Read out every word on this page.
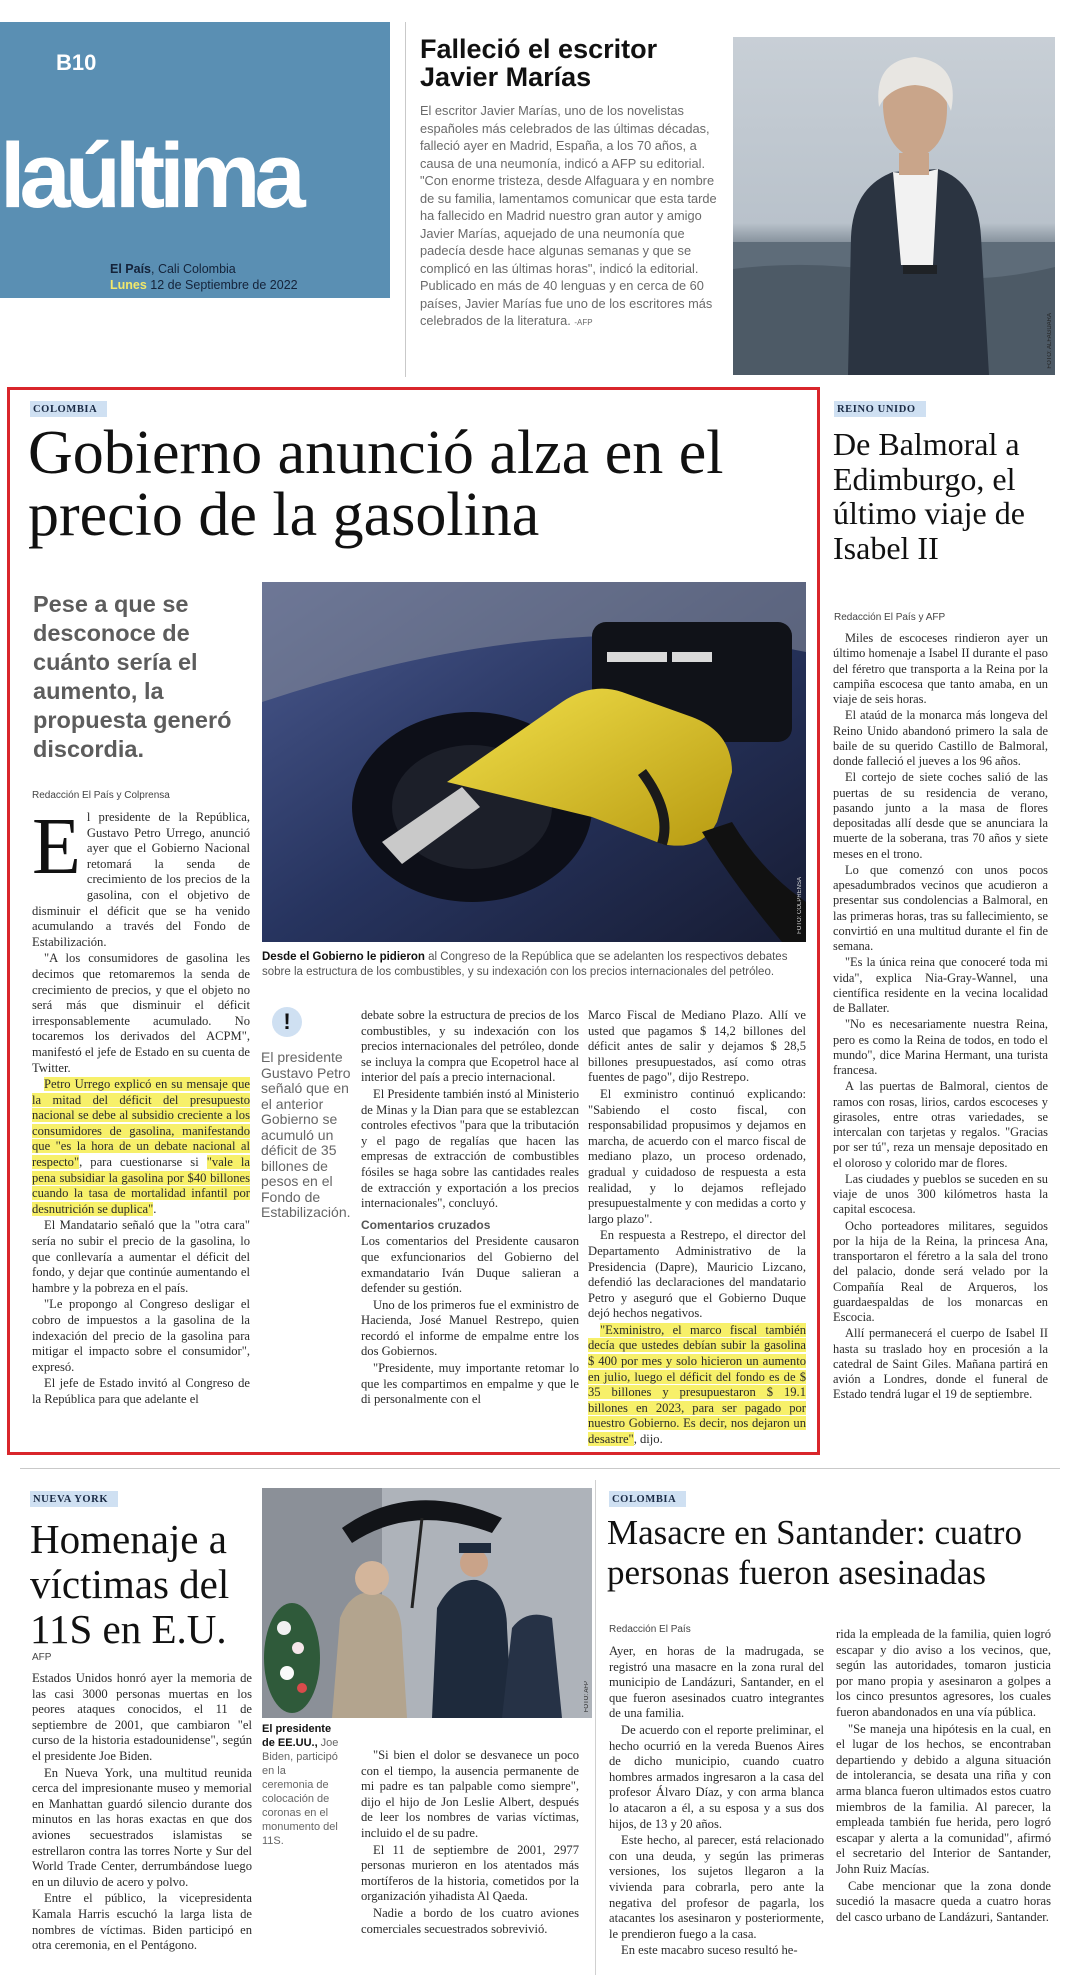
B10
laúltima
El País, Cali Colombia
Lunes 12 de Septiembre de 2022
Falleció el escritor Javier Marías

El escritor Javier Marías, uno de los novelistas españoles más celebrados de las últimas décadas, falleció ayer en Madrid, España, a los 70 años, a causa de una neumonía, indicó a AFP su editorial.

"Con enorme tristeza, desde Alfaguara y en nombre de su familia, lamentamos comunicar que esta tarde ha fallecido en Madrid nuestro gran autor y amigo Javier Marías, aquejado de una neumonía que padecía desde hace algunas semanas y que se complicó en las últimas horas", indicó la editorial.

Publicado en más de 40 lenguas y en cerca de 60 países, Javier Marías fue uno de los escritores más celebrados de la literatura. -AFP	FOTO: ALFAGUARA
COLOMBIA
Gobierno anunció alza en el precio de la gasolina
Pese a que se desconoce de cuánto sería el aumento, la propuesta generó discordia.
Redacción El País y Colprensa
FOTO: COLPRENSA
Desde el Gobierno le pidieron al Congreso de la República que se adelanten los respectivos debates sobre la estructura de los combustibles, y su indexación con los precios internacionales del petróleo.
E l presidente de la República, Gustavo Petro Urrego, anunció ayer que el Gobierno Nacional retomará la senda de crecimiento de los precios de la gasolina, con el objetivo de disminuir el déficit que se ha venido acumulando a través del Fondo de Estabilización.

"A los consumidores de gasolina les decimos que retomaremos la senda de crecimiento de precios, y que el objeto no será más que disminuir el déficit irresponsablemente acumulado. No tocaremos los derivados del ACPM", manifestó el jefe de Estado en su cuenta de Twitter.

Petro Urrego explicó en su mensaje que la mitad del déficit del presupuesto nacional se debe al subsidio creciente a los consumidores de gasolina, manifestando que "es la hora de un debate nacional al respecto", para cuestionarse si "vale la pena subsidiar la gasolina por $40 billones cuando la tasa de mortalidad infantil por desnutrición se duplica".

El Mandatario señaló que la "otra cara" sería no subir el precio de la gasolina, lo que conllevaría a aumentar el déficit del fondo, y dejar que continúe aumentando el hambre y la pobreza en el país.

"Le propongo al Congreso desligar el cobro de impuestos a la gasolina de la indexación del precio de la gasolina para mitigar el impacto sobre el consumidor", expresó.

El jefe de Estado invitó al Congreso de la República para que adelante el

!
El presidente Gustavo Petro señaló que en el anterior Gobierno se acumuló un déficit de 35 billones de pesos en el Fondo de Estabilización.

debate sobre la estructura de precios de los combustibles, y su indexación con los precios internacionales del petróleo, donde se incluya la compra que Ecopetrol hace al interior del país a precio internacional.

El Presidente también instó al Ministerio de Minas y la Dian para que se establezcan controles efectivos "para que la tributación y el pago de regalías que hacen las empresas de extracción de combustibles fósiles se haga sobre las cantidades reales de extracción y exportación a los precios internacionales", concluyó.

Comentarios cruzados

Los comentarios del Presidente causaron que exfuncionarios del Gobierno del exmandatario Iván Duque salieran a defender su gestión.

Uno de los primeros fue el exministro de Hacienda, José Manuel Restrepo, quien recordó el informe de empalme entre los dos Gobiernos.

"Presidente, muy importante retomar lo que les compartimos en empalme y que le di personalmente con el

Marco Fiscal de Mediano Plazo. Allí ve usted que pagamos $ 14,2 billones del déficit antes de salir y dejamos $ 28,5 billones presupuestados, así como otras fuentes de pago", dijo Restrepo.

El exministro continuó explicando: "Sabiendo el costo fiscal, con responsabilidad propusimos y dejamos en marcha, de acuerdo con el marco fiscal de mediano plazo, un proceso ordenado, gradual y cuidadoso de respuesta a esta realidad, y lo dejamos reflejado presupuestalmente y con medidas a corto y largo plazo".

En respuesta a Restrepo, el director del Departamento Administrativo de la Presidencia (Dapre), Mauricio Lizcano, defendió las declaraciones del mandatario Petro y aseguró que el Gobierno Duque dejó hechos negativos.

"Exministro, el marco fiscal también decía que ustedes debían subir la gasolina $ 400 por mes y solo hicieron un aumento en julio, luego el déficit del fondo es de $ 35 billones y presupuestaron $ 19.1 billones en 2023, para ser pagado por nuestro Gobierno. Es decir, nos dejaron un desastre", dijo.

REINO UNIDO
De Balmoral a Edimburgo, el último viaje de Isabel II
Redacción El País y AFP

Miles de escoceses rindieron ayer un último homenaje a Isabel II durante el paso del féretro que transporta a la Reina por la campiña escocesa que tanto amaba, en un viaje de seis horas.

El ataúd de la monarca más longeva del Reino Unido abandonó primero la sala de baile de su querido Castillo de Balmoral, donde falleció el jueves a los 96 años.

El cortejo de siete coches salió de las puertas de su residencia de verano, pasando junto a la masa de flores depositadas allí desde que se anunciara la muerte de la soberana, tras 70 años y siete meses en el trono.

Lo que comenzó con unos pocos apesadumbrados vecinos que acudieron a presentar sus condolencias a Balmoral, en las primeras horas, tras su fallecimiento, se convirtió en una multitud durante el fin de semana.

"Es la única reina que conoceré toda mi vida", explica Nia-Gray-Wannel, una científica residente en la vecina localidad de Ballater.

"No es necesariamente nuestra Reina, pero es como la Reina de todos, en todo el mundo", dice Marina Hermant, una turista francesa.

A las puertas de Balmoral, cientos de ramos con rosas, lirios, cardos escoceses y girasoles, entre otras variedades, se intercalan con tarjetas y regalos. "Gracias por ser tú", reza un mensaje depositado en el oloroso y colorido mar de flores.

Las ciudades y pueblos se suceden en su viaje de unos 300 kilómetros hasta la capital escocesa.

Ocho porteadores militares, seguidos por la hija de la Reina, la princesa Ana, transportaron el féretro a la sala del trono del palacio, donde será velado por la Compañía Real de Arqueros, los guardaespaldas de los monarcas en Escocia.

Allí permanecerá el cuerpo de Isabel II hasta su traslado hoy en procesión a la catedral de Saint Giles. Mañana partirá en avión a Londres, donde el funeral de Estado tendrá lugar el 19 de septiembre.

NUEVA YORK
Homenaje a víctimas del 11S en E.U.
AFP

Estados Unidos honró ayer la memoria de las casi 3000 personas muertas en los peores ataques conocidos, el 11 de septiembre de 2001, que cambiaron "el curso de la historia estadounidense", según el presidente Joe Biden.

En Nueva York, una multitud reunida cerca del impresionante museo y memorial en Manhattan guardó silencio durante dos minutos en las horas exactas en que dos aviones secuestrados islamistas se estrellaron contra las torres Norte y Sur del World Trade Center, derrumbándose luego en un diluvio de acero y polvo.

Entre el público, la vicepresidenta Kamala Harris escuchó la larga lista de nombres de víctimas. Biden participó en otra ceremonia, en el Pentágono.

FOTO: AFP
El presidente de EE.UU., Joe Biden, participó en la ceremonia de colocación de coronas en el monumento del 11S.

"Si bien el dolor se desvanece un poco con el tiempo, la ausencia permanente de mi padre es tan palpable como siempre", dijo el hijo de Jon Leslie Albert, después de leer los nombres de varias víctimas, incluido el de su padre.

El 11 de septiembre de 2001, 2977 personas murieron en los atentados más mortíferos de la historia, cometidos por la organización yihadista Al Qaeda.

Nadie a bordo de los cuatro aviones comerciales secuestrados sobrevivió.

COLOMBIA
Masacre en Santander: cuatro personas fueron asesinadas
Redacción El País

Ayer, en horas de la madrugada, se registró una masacre en la zona rural del municipio de Landázuri, Santander, en el que fueron asesinados cuatro integrantes de una familia.

De acuerdo con el reporte preliminar, el hecho ocurrió en la vereda Buenos Aires de dicho municipio, cuando cuatro hombres armados ingresaron a la casa del profesor Álvaro Díaz, y con arma blanca lo atacaron a él, a su esposa y a sus dos hijos, de 13 y 20 años.

Este hecho, al parecer, está relacionado con una deuda, y según las primeras versiones, los sujetos llegaron a la vivienda para cobrarla, pero ante la negativa del profesor de pagarla, los atacantes los asesinaron y posteriormente, le prendieron fuego a la casa.

En este macabro suceso resultó he-

rida la empleada de la familia, quien logró escapar y dio aviso a los vecinos, que, según las autoridades, tomaron justicia por mano propia y asesinaron a golpes a los cinco presuntos agresores, los cuales fueron abandonados en una vía pública.

"Se maneja una hipótesis en la cual, en el lugar de los hechos, se encontraban departiendo y debido a alguna situación de intolerancia, se desata una riña y con arma blanca fueron ultimados estos cuatro miembros de la familia. Al parecer, la empleada también fue herida, pero logró escapar y alerta a la comunidad", afirmó el secretario del Interior de Santander, John Ruiz Macías.

Cabe mencionar que la zona donde sucedió la masacre queda a cuatro horas del casco urbano de Landázuri, Santander.
